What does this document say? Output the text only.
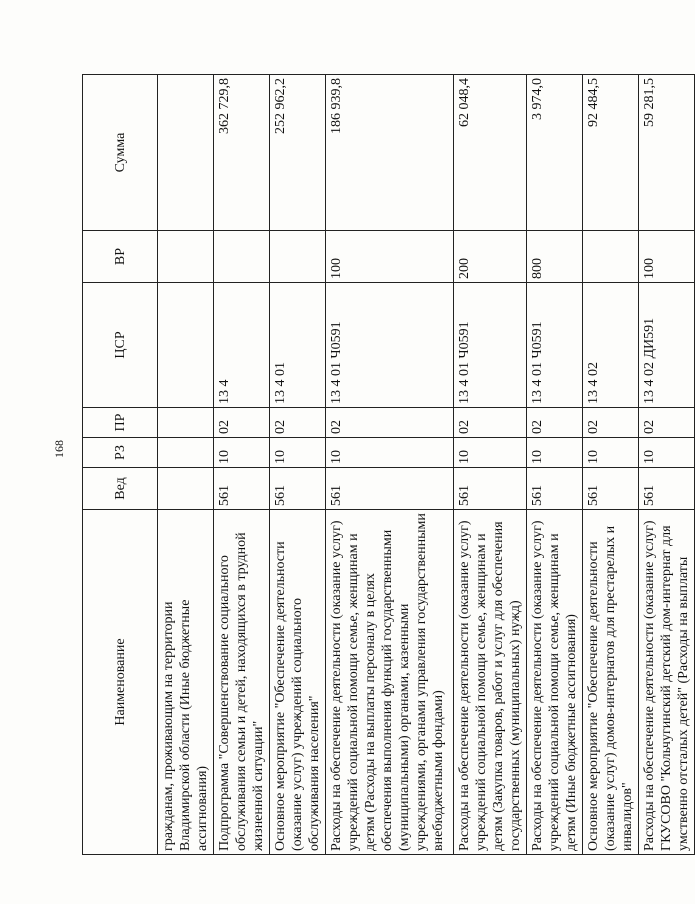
168
Наименование	Вед	РЗ	ПР	ЦСР	ВР	Сумма
гражданам, проживающим на территории Владимирской области (Иные бюджетные ассигнования)						
Подпрограмма "Совершенствование социального обслуживания семьи и детей, находящихся в трудной жизненной ситуации"	561	10	02	13 4		362 729,8
Основное мероприятие "Обеспечение деятельности (оказание услуг) учреждений социального обслуживания населения"	561	10	02	13 4 01		252 962,2
Расходы на обеспечение деятельности (оказание услуг) учреждений социальной помощи семье, женщинам и детям (Расходы на выплаты персоналу в целях обеспечения выполнения функций государственными (муниципальными) органами, казенными учреждениями, органами управления государственными внебюджетными фондами)	561	10	02	13 4 01 Ч0591	100	186 939,8
Расходы на обеспечение деятельности (оказание услуг) учреждений социальной помощи семье, женщинам и детям (Закупка товаров, работ и услуг для обеспечения государственных (муниципальных) нужд)	561	10	02	13 4 01 Ч0591	200	62 048,4
Расходы на обеспечение деятельности (оказание услуг) учреждений социальной помощи семье, женщинам и детям (Иные бюджетные ассигнования)	561	10	02	13 4 01 Ч0591	800	3 974,0
Основное мероприятие "Обеспечение деятельности (оказание услуг) домов-интернатов для престарелых и инвалидов"	561	10	02	13 4 02		92 484,5
Расходы на обеспечение деятельности (оказание услуг) ГКУСОВО "Кольчугинский детский дом-интернат для умственно отсталых детей" (Расходы на выплаты	561	10	02	13 4 02 ДИ591	100	59 281,5
